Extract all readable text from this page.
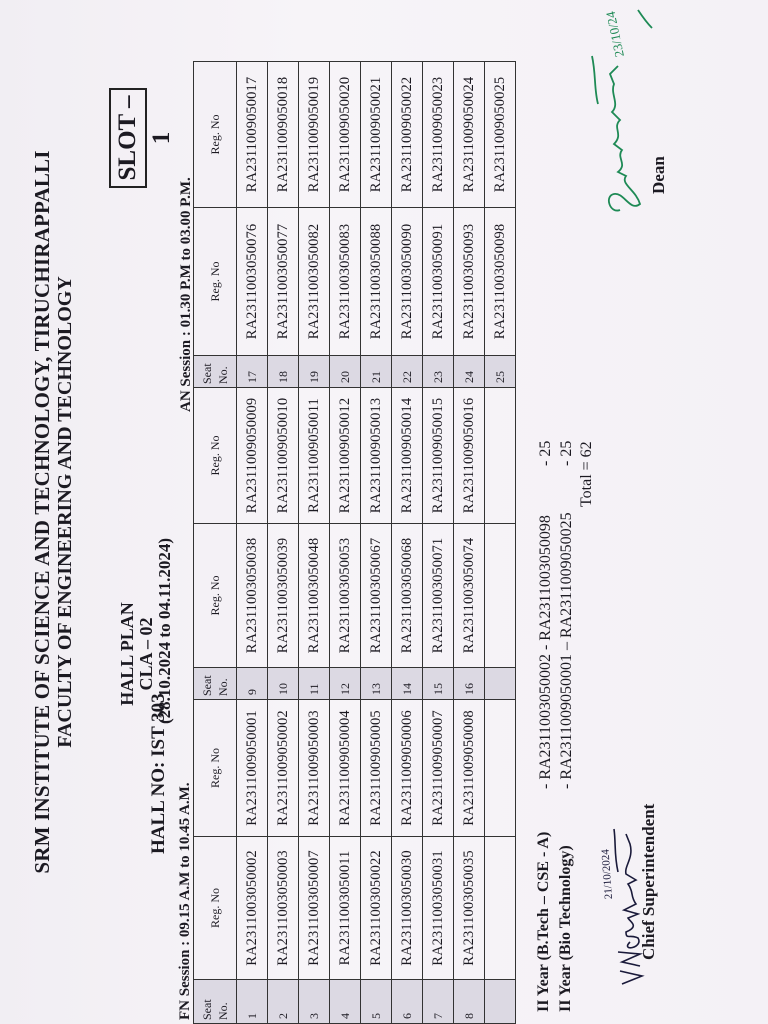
SRM INSTITUTE OF SCIENCE AND TECHNOLOGY, TIRUCHIRAPPALLI FACULTY OF ENGINEERING AND TECHNOLOGY HALL PLAN CLA – 02
HALL NO: IST 303
(28.10.2024 to 04.11.2024)
SLOT – 1
FN Session : 09.15 A.M to 10.45 A.M.
AN Session : 01.30 P.M to 03.00 P.M.
Seat No.	Reg. No	Reg. No	Seat No.	Reg. No	Reg. No	Seat No.	Reg. No	Reg. No
1	RA2311003050002	RA2311009050001	9	RA2311003050038	RA2311009050009	17	RA2311003050076	RA2311009050017
2	RA2311003050003	RA2311009050002	10	RA2311003050039	RA2311009050010	18	RA2311003050077	RA2311009050018
3	RA2311003050007	RA2311009050003	11	RA2311003050048	RA2311009050011	19	RA2311003050082	RA2311009050019
4	RA2311003050011	RA2311009050004	12	RA2311003050053	RA2311009050012	20	RA2311003050083	RA2311009050020
5	RA2311003050022	RA2311009050005	13	RA2311003050067	RA2311009050013	21	RA2311003050088	RA2311009050021
6	RA2311003050030	RA2311009050006	14	RA2311003050068	RA2311009050014	22	RA2311003050090	RA2311009050022
7	RA2311003050031	RA2311009050007	15	RA2311003050071	RA2311009050015	23	RA2311003050091	RA2311009050023
8	RA2311003050035	RA2311009050008	16	RA2311003050074	RA2311009050016	24	RA2311003050093	RA2311009050024
						25	RA2311003050098	RA2311009050025
II Year (B.Tech – CSE - A) II Year (Bio Technology)
- RA2311003050002 - RA2311003050098 - RA2311009050001 – RA2311009050025
- 25 - 25 Total = 62
21/10/2024 Chief Superintendent
23/10/24
Dean
